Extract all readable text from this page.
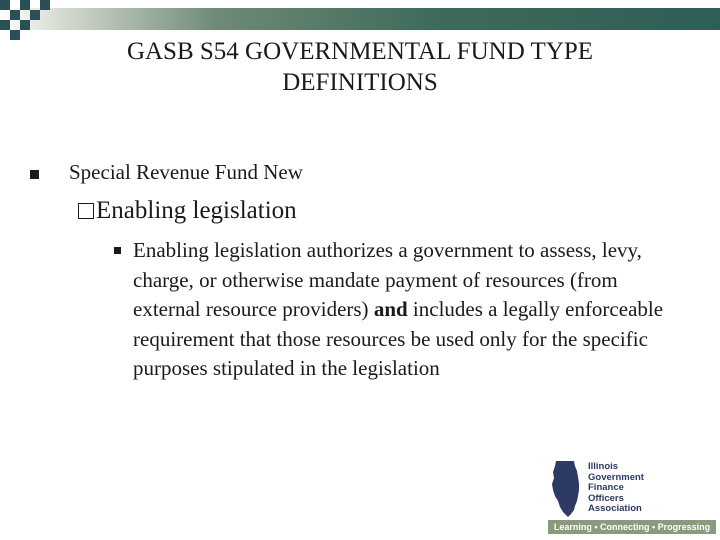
GASB S54 GOVERNMENTAL FUND TYPE
DEFINITIONS
Special Revenue Fund New
Enabling legislation
Enabling legislation authorizes a government to assess, levy, charge, or otherwise mandate payment of resources (from external resource providers) and includes a legally enforceable requirement that those resources be used only for the specific purposes stipulated in the legislation
Illinois
Government
Finance
Officers
Association
Learning • Connecting • Progressing
